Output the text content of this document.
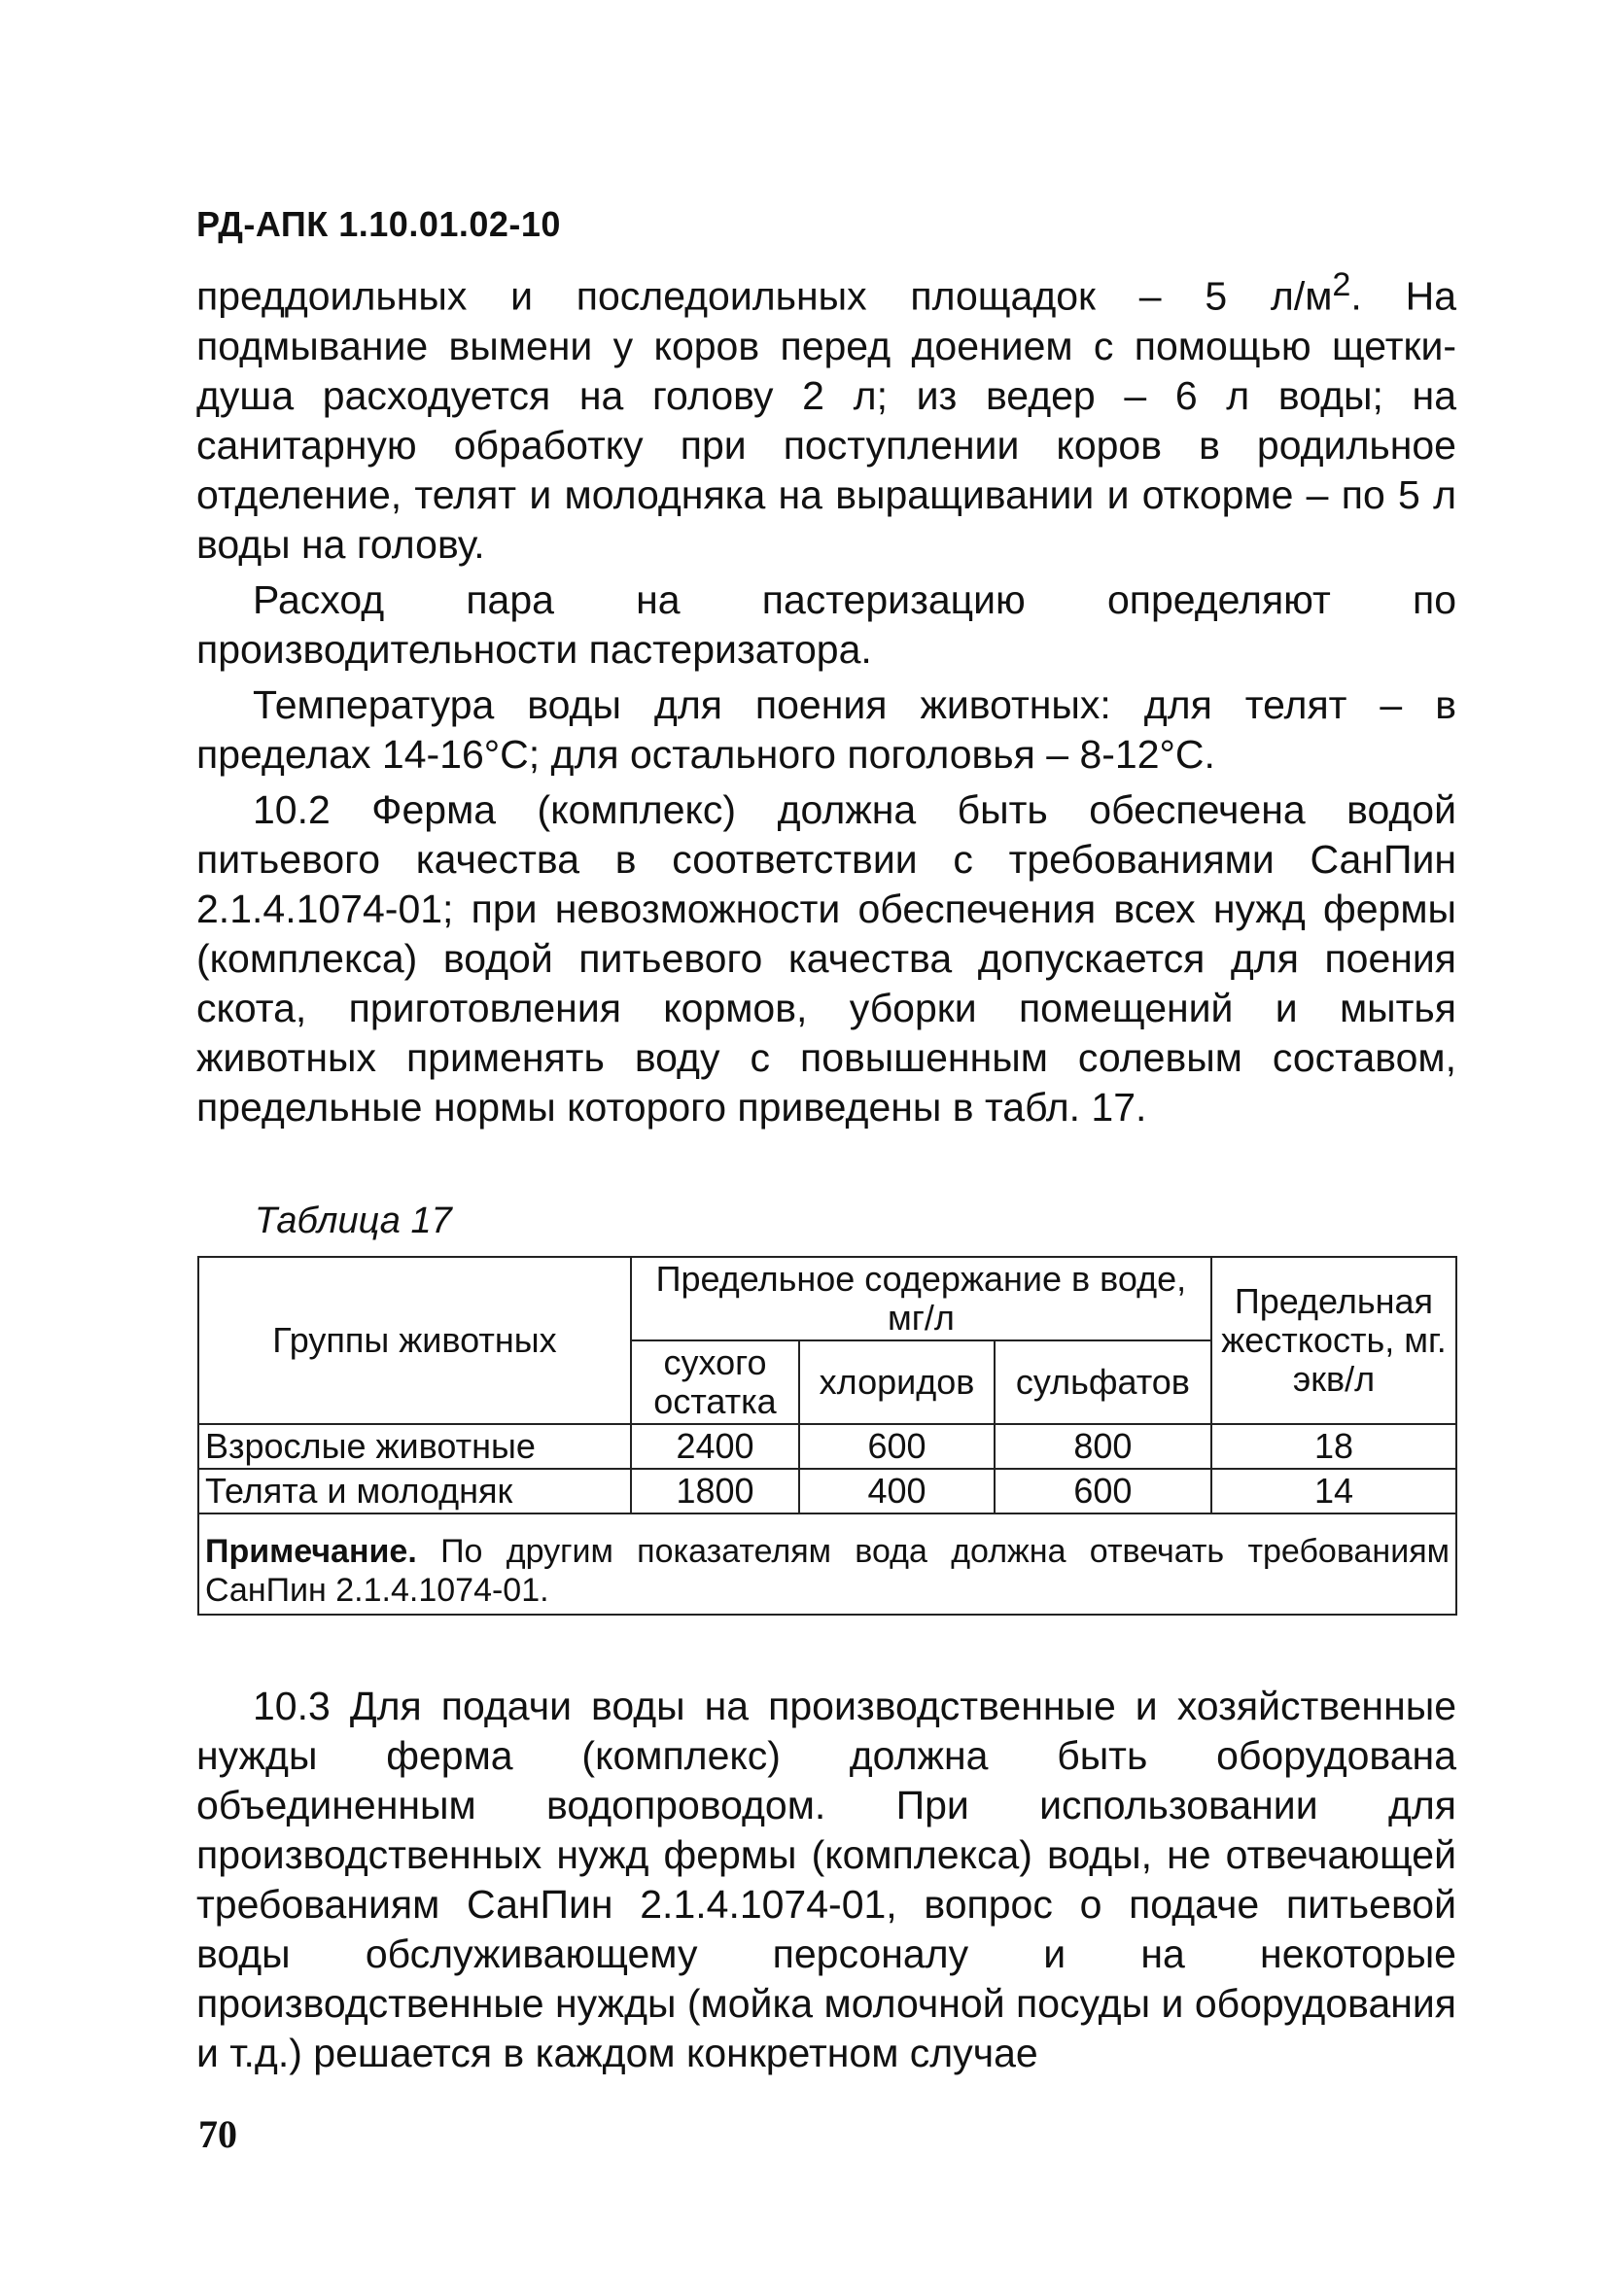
РД-АПК 1.10.01.02-10

преддоильных и последоильных площадок – 5 $л/м^2$. На подмывание вымени у коров перед доением с помощью щетки-душа расходуется на голову 2 л; из ведер – 6 л воды; на санитарную обработку при поступлении коров в родильное отделение, телят и молодняка на выращивании и откорме – по 5 л воды на голову.

Расход пара на пастеризацию определяют по производительности пастеризатора.

Температура воды для поения животных: для телят – в пределах 14-16°С; для остального поголовья – 8-12°С.

10.2 Ферма (комплекс) должна быть обеспечена водой питьевого качества в соответствии с требованиями СанПин 2.1.4.1074-01; при невозможности обеспечения всех нужд фермы (комплекса) водой питьевого качества допускается для поения скота, приготовления кормов, уборки помещений и мытья животных применять воду с повышенным солевым составом, предельные нормы которого приведены в табл. 17.

Таблица 17
Группы животных	Предельное содержание в воде, мг/л			Предельная жесткость, мг. экв/л
	сухого остатка	хлоридов	сульфатов	
Взрослые животные	2400	600	800	18
Телята и молодняк	1800	400	600	14
Примечание. По другим показателям вода должна отвечать требованиям СанПин 2.1.4.1074-01.				

10.3 Для подачи воды на производственные и хозяйственные нужды ферма (комплекс) должна быть оборудована объединенным водопроводом. При использовании для производственных нужд фермы (комплекса) воды, не отвечающей требованиям СанПин 2.1.4.1074-01, вопрос о подаче питьевой воды обслуживающему персоналу и на некоторые производственные нужды (мойка молочной посуды и оборудования и т.д.) решается в каждом конкретном случае

70
